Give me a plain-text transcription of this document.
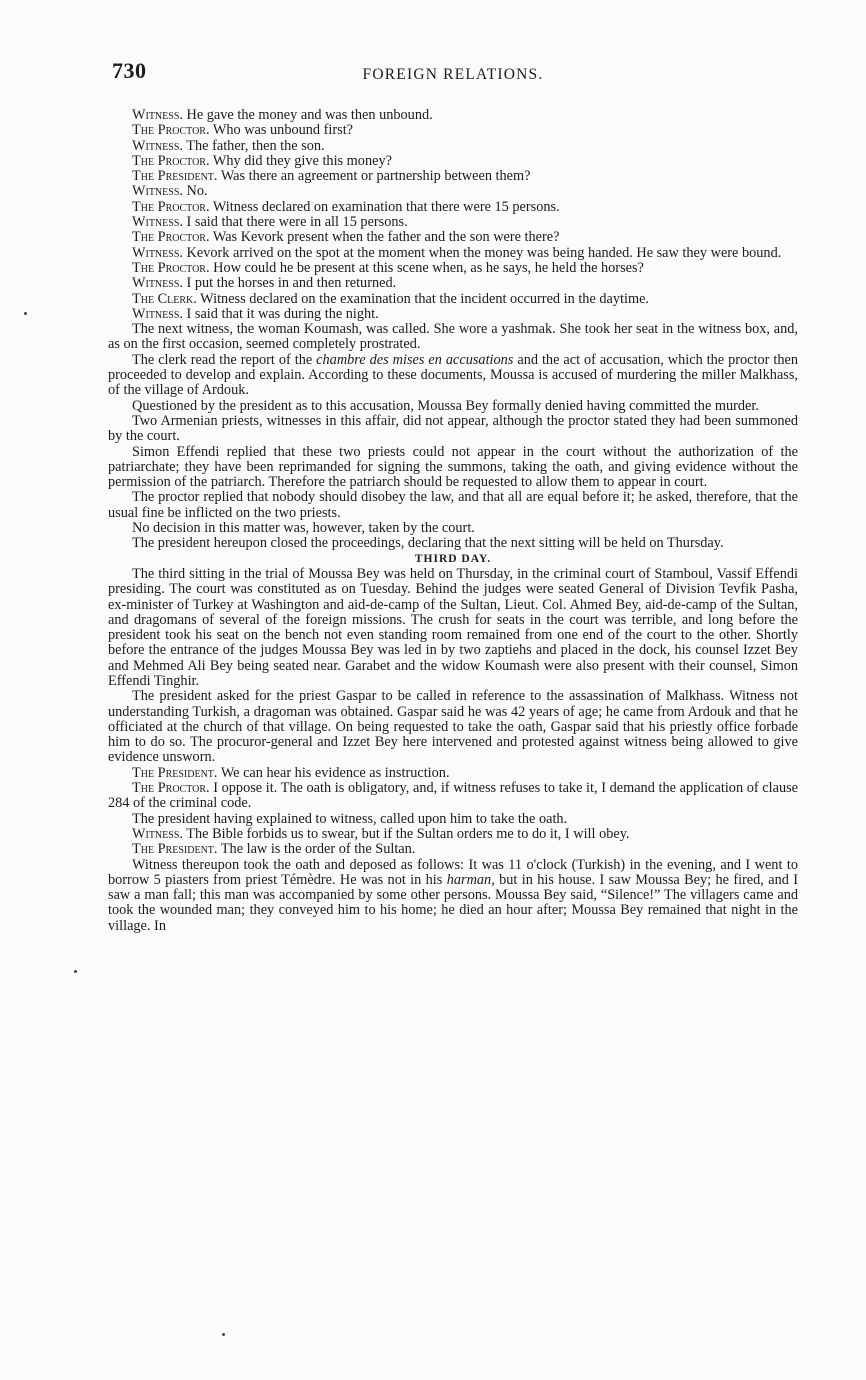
730	FOREIGN RELATIONS.

Witness. He gave the money and was then unbound.

The Proctor. Who was unbound first?

Witness. The father, then the son.

The Proctor. Why did they give this money?

The President. Was there an agreement or partnership between them?

Witness. No.

The Proctor. Witness declared on examination that there were 15 persons.

Witness. I said that there were in all 15 persons.

The Proctor. Was Kevork present when the father and the son were there?

Witness. Kevork arrived on the spot at the moment when the money was being handed. He saw they were bound.

The Proctor. How could he be present at this scene when, as he says, he held the horses?

Witness. I put the horses in and then returned.

The Clerk. Witness declared on the examination that the incident occurred in the daytime.

Witness. I said that it was during the night.

The next witness, the woman Koumash, was called. She wore a yashmak. She took her seat in the witness box, and, as on the first occasion, seemed completely prostrated.

The clerk read the report of the chambre des mises en accusations and the act of accusation, which the proctor then proceeded to develop and explain. According to these documents, Moussa is accused of murdering the miller Malkhass, of the village of Ardouk.

Questioned by the president as to this accusation, Moussa Bey formally denied having committed the murder.

Two Armenian priests, witnesses in this affair, did not appear, although the proctor stated they had been summoned by the court.

Simon Effendi replied that these two priests could not appear in the court without the authorization of the patriarchate; they have been reprimanded for signing the summons, taking the oath, and giving evidence without the permission of the patriarch. Therefore the patriarch should be requested to allow them to appear in court.

The proctor replied that nobody should disobey the law, and that all are equal before it; he asked, therefore, that the usual fine be inflicted on the two priests.

No decision in this matter was, however, taken by the court.

The president hereupon closed the proceedings, declaring that the next sitting will be held on Thursday.

THIRD DAY.

The third sitting in the trial of Moussa Bey was held on Thursday, in the criminal court of Stamboul, Vassif Effendi presiding. The court was constituted as on Tuesday. Behind the judges were seated General of Division Tevfik Pasha, ex-minister of Turkey at Washington and aid-de-camp of the Sultan, Lieut. Col. Ahmed Bey, aid-de-camp of the Sultan, and dragomans of several of the foreign missions. The crush for seats in the court was terrible, and long before the president took his seat on the bench not even standing room remained from one end of the court to the other. Shortly before the entrance of the judges Moussa Bey was led in by two zaptiehs and placed in the dock, his counsel Izzet Bey and Mehmed Ali Bey being seated near. Garabet and the widow Koumash were also present with their counsel, Simon Effendi Tinghir.

The president asked for the priest Gaspar to be called in reference to the assassination of Malkhass. Witness not understanding Turkish, a dragoman was obtained. Gaspar said he was 42 years of age; he came from Ardouk and that he officiated at the church of that village. On being requested to take the oath, Gaspar said that his priestly office forbade him to do so. The procuror-general and Izzet Bey here intervened and protested against witness being allowed to give evidence unsworn.

The President. We can hear his evidence as instruction.

The Proctor. I oppose it. The oath is obligatory, and, if witness refuses to take it, I demand the application of clause 284 of the criminal code.

The president having explained to witness, called upon him to take the oath.

Witness. The Bible forbids us to swear, but if the Sultan orders me to do it, I will obey.

The President. The law is the order of the Sultan.

Witness thereupon took the oath and deposed as follows: It was 11 o'clock (Turkish) in the evening, and I went to borrow 5 piasters from priest Témèdre. He was not in his harman, but in his house. I saw Moussa Bey; he fired, and I saw a man fall; this man was accompanied by some other persons. Moussa Bey said, “Silence!” The villagers came and took the wounded man; they conveyed him to his home; he died an hour after; Moussa Bey remained that night in the village. In
